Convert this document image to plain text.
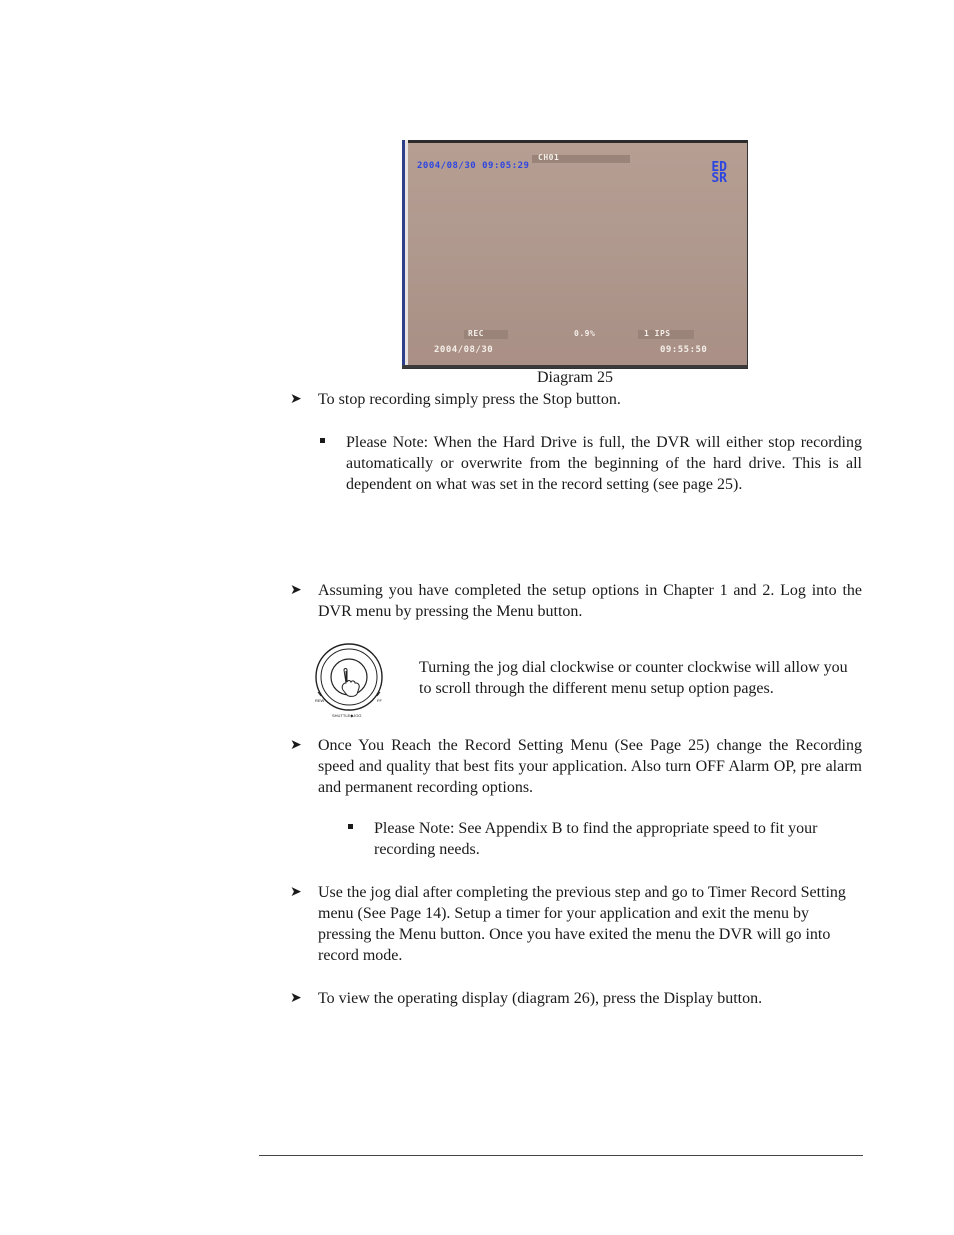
CH01
2004/08/30 09:05:29	ED
SR
REC	0.9%	1 IPS
2004/08/30	09:55:50
Diagram 25
➤ To stop recording simply press the Stop button.
Please Note: When the Hard Drive is full, the DVR will either stop recording automatically or overwrite from the beginning of the hard drive. This is all dependent on what was set in the record setting (see page 25).
➤ Assuming you have completed the setup options in Chapter 1 and 2. Log into the DVR menu by pressing the Menu button.
REW	FF
SHUTTLE◆JOG
Turning the jog dial clockwise or counter clockwise will allow you to scroll through the different menu setup option pages.
➤ Once You Reach the Record Setting Menu (See Page 25) change the Recording speed and quality that best fits your application. Also turn OFF Alarm OP, pre alarm and permanent recording options.
Please Note: See Appendix B to find the appropriate speed to fit your recording needs.
➤ Use the jog dial after completing the previous step and go to Timer Record Setting menu (See Page 14). Setup a timer for your application and exit the menu by pressing the Menu button. Once you have exited the menu the DVR will go into record mode.
➤ To view the operating display (diagram 26), press the Display button.
